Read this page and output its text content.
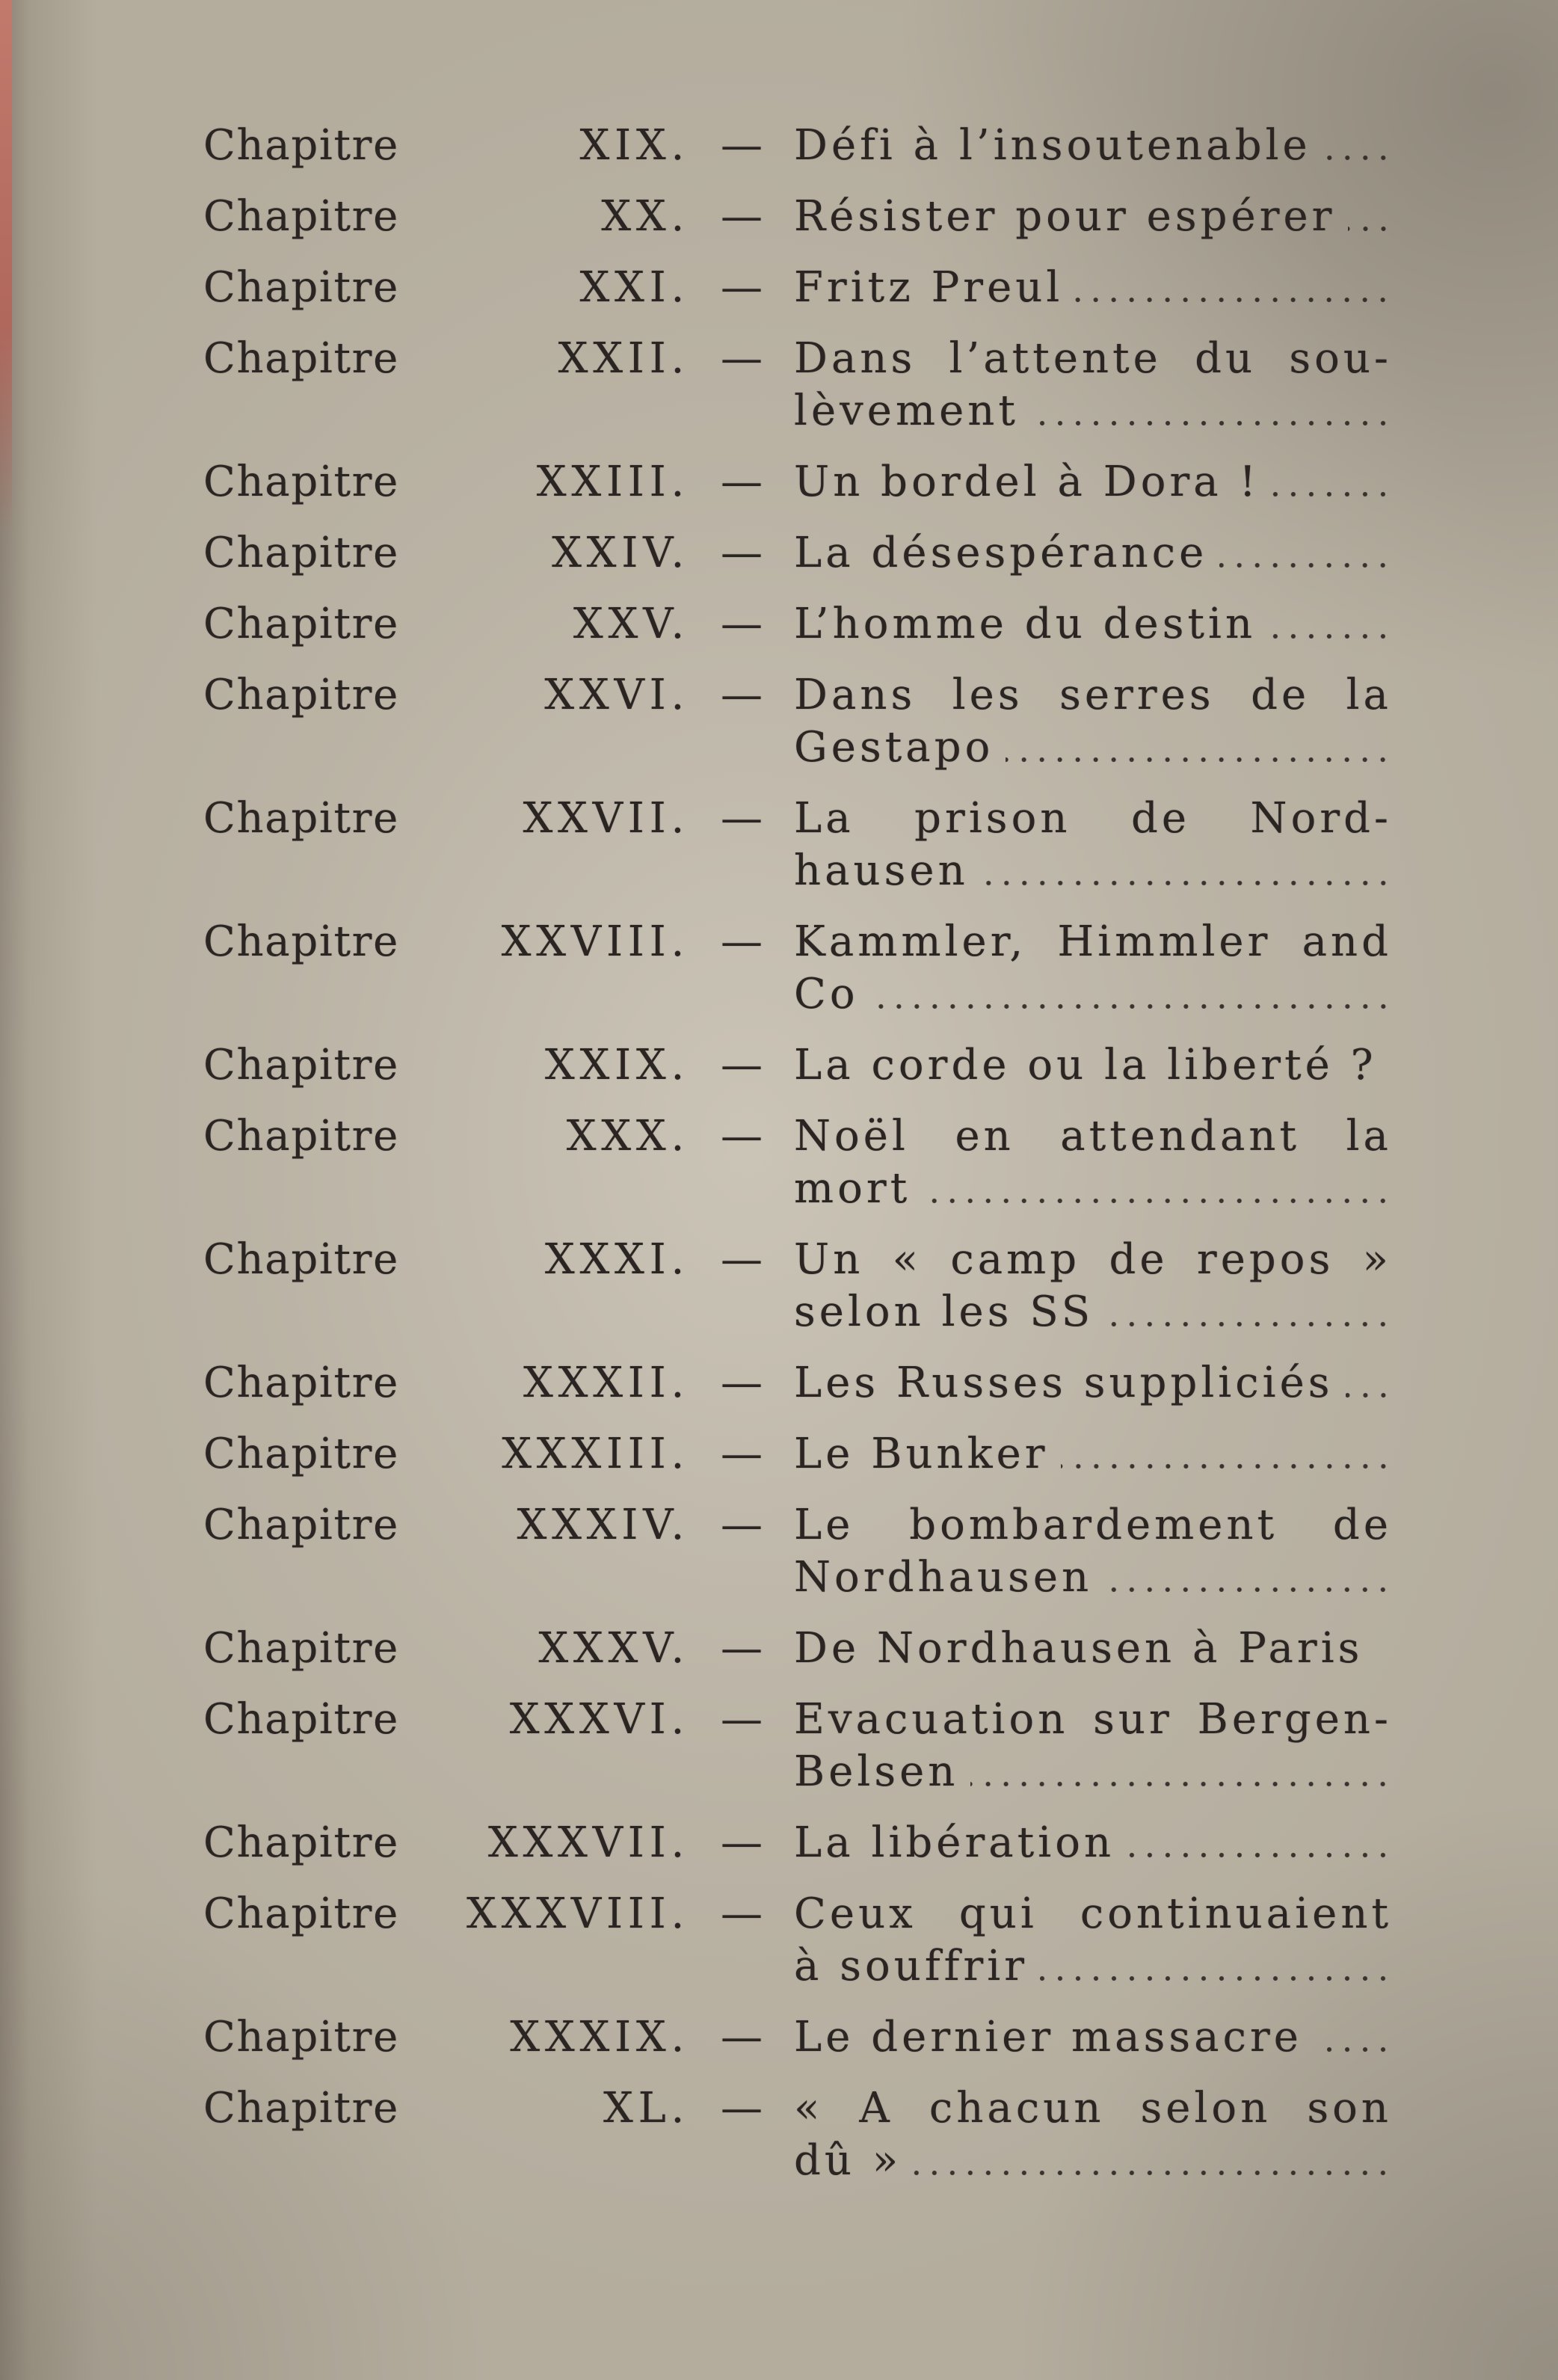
Chapitre	XIX. — Défi à l’insoutenable
Chapitre	XX. — Résister pour espérer
Chapitre	XXI. — Fritz Preul
Chapitre	XXII. — Dans l’attente du sou-
lèvement
Chapitre	XXIII. — Un bordel à Dora !
Chapitre	XXIV. — La désespérance
Chapitre	XXV. — L’homme du destin
Chapitre	XXVI. — Dans les serres de la
Gestapo
Chapitre	XXVII. — La prison de Nord-
hausen
Chapitre	XXVIII. — Kammler, Himmler and
Co
Chapitre	XXIX. — La corde ou la liberté ?
Chapitre	XXX. — Noël en attendant la
mort
Chapitre	XXXI. — Un « camp de repos »
selon les SS
Chapitre	XXXII. — Les Russes suppliciés
Chapitre	XXXIII. — Le Bunker
Chapitre	XXXIV. — Le bombardement de
Nordhausen
Chapitre	XXXV. — De Nordhausen à Paris
Chapitre	XXXVI. — Evacuation sur Bergen-
Belsen
Chapitre	XXXVII. — La libération
Chapitre	XXXVIII. — Ceux qui continuaient
à souffrir
Chapitre	XXXIX. — Le dernier massacre
Chapitre	XL. — « A chacun selon son
dû »
